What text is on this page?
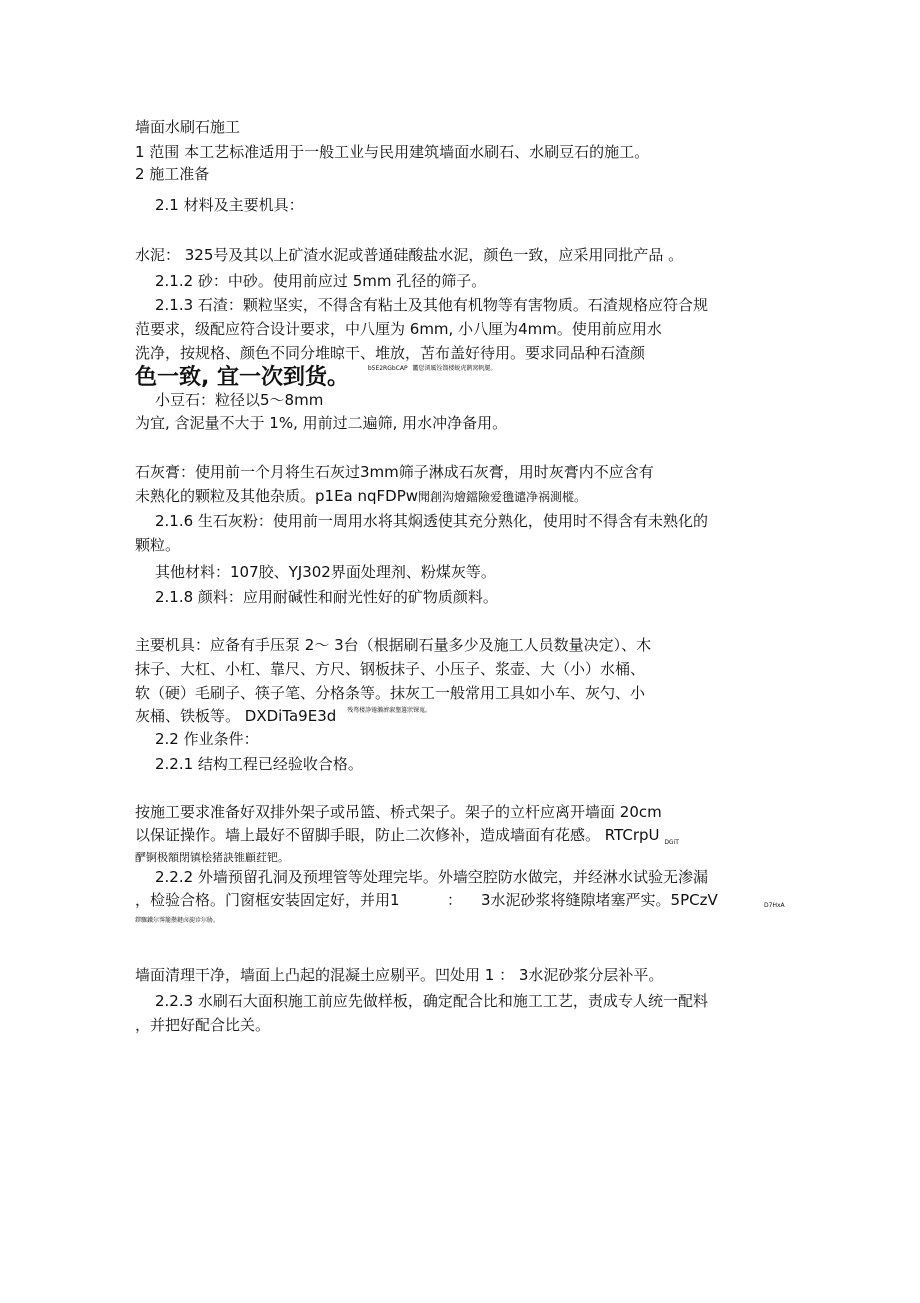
墙面水刷石施工

1 范围 本工艺标准适用于一般工业与民用建筑墙面水刷石、水刷豆石的施工。

2 施工准备

2.1 材料及主要机具：

水泥： 325号及其以上矿渣水泥或普通硅酸盐水泥，颜色一致，应采用同批产品 。

2.1.2 砂：中砂。使用前应过 5mm 孔径的筛子。

2.1.3 石渣：颗粒坚实，不得含有粘土及其他有机物等有害物质。石渣规格应符合规

范要求，级配应符合设计要求，中八厘为 6mm, 小八厘为4mm。使用前应用水

洗净，按规格、颜色不同分堆晾干、堆放，苫布盖好待用。要求同品种石渣颜

色一致, 宜一次到货。	$^{b5E2RGbCAP}$ $^{龗愆浏厲铨馏楼蜕虎鹣窝帆腿。}$

小豆石：粒径以5～8mm

为宜, 含泥量不大于 1%, 用前过二遍筛, 用水冲净备用。

石灰膏：使用前一个月将生石灰过3mm筛子淋成石灰膏，用时灰膏内不应含有

未熟化的颗粒及其他杂质。p1Ea nqFDPw聞創沟燴鐺險爱氇谴净祸測樅。

2.1.6 生石灰粉：使用前一周用水将其焖透使其充分熟化，使用时不得含有未熟化的

颗粒。

其他材料：107胶、YJ302界面处理剂、粉煤灰等。

2.1.8 颜料：应用耐碱性和耐光性好的矿物质颜料。

主要机具：应备有手压泵 2～ 3台（根据刷石量多少及施工人员数量决定）、木

抹子、大杠、小杠、靠尺、方尺、钢板抹子、小压子、浆壶、大（小）水桶、

软（硬）毛刷子、筷子笔、分格条等。抹灰工一般常用工具如小车、灰勺、小

灰桶、铁板等。 DXDiTa9E3d $^{残骛楼諍锩瀨濟溆墾籩狀锞嵬。}$

2.2 作业条件：

2.2.1 结构工程已经验收合格。

按施工要求准备好双排外架子或吊篮、桥式架子。架子的立杆应离开墙面 20cm

以保证操作。墙上最好不留脚手眼，防止二次修补，造成墙面有花感。 RTCrpU $_{DGiT}$

酽锕极額閉镇桧猪訣锥顧荭钯。

2.2.2 外墙预留孔洞及预埋管等处理完毕。外墙空腔防水做完，并经淋水试验无渗漏

，检验合格。门窗框安装固定好，并用1	： 3水泥砂浆将缝隙堵塞严实。5PCzV	D7HxA

鐸驟鐵尔霁籠攒鍵卤旎诊尔胁。

墙面清理干净，墙面上凸起的混凝土应剔平。凹处用 1 ： 3水泥砂浆分层补平。

2.2.3 水刷石大面积施工前应先做样板，确定配合比和施工工艺，责成专人统一配料

，并把好配合比关。
